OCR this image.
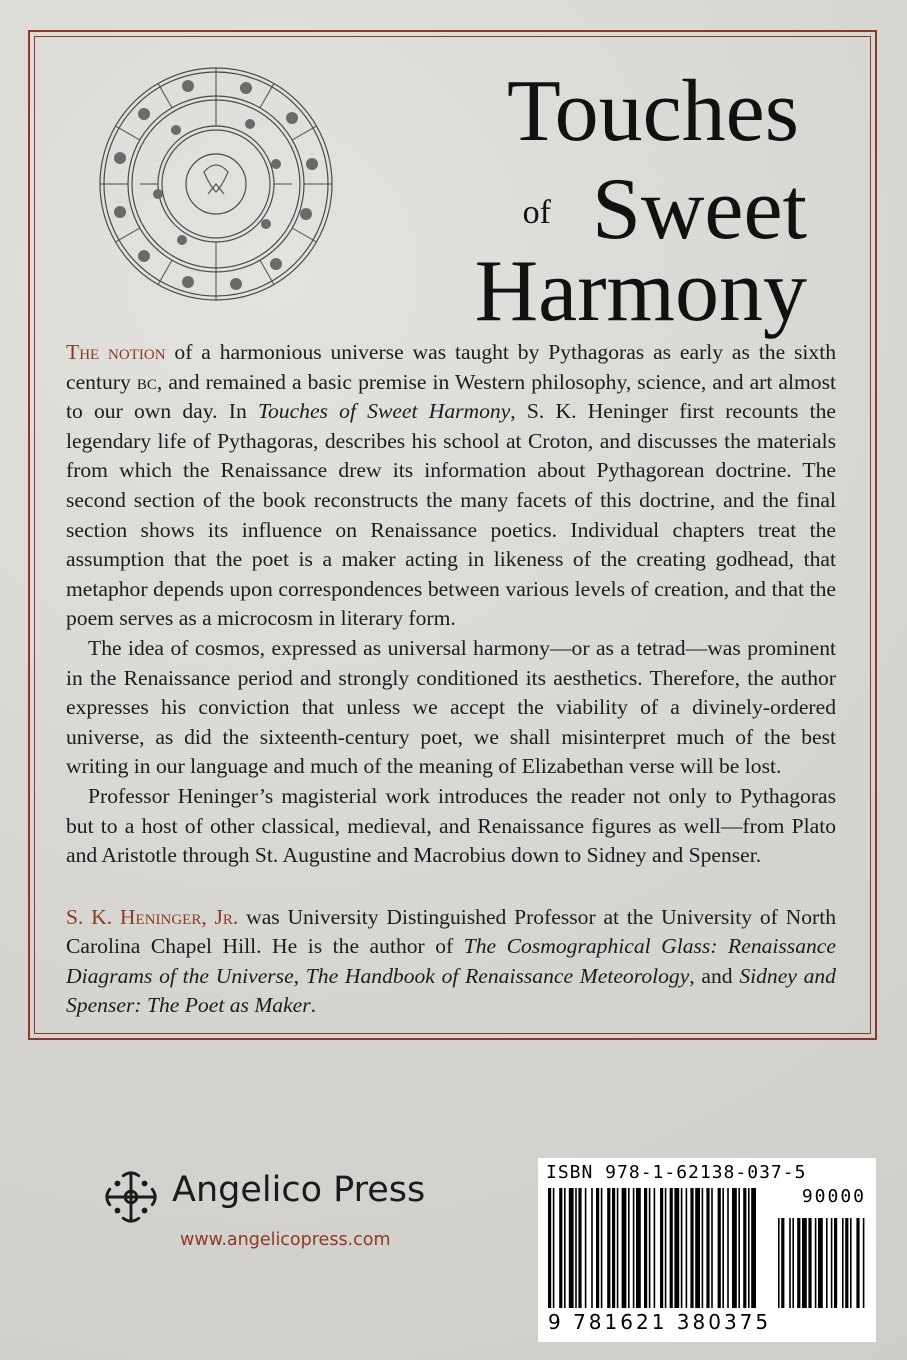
Touches
Sweet
of
Harmony

The notion of a harmonious universe was taught by Pythagoras as early as the sixth century bc, and remained a basic premise in Western philosophy, science, and art almost to our own day. In Touches of Sweet Harmony, S. K. Heninger first recounts the legendary life of Pythagoras, describes his school at Croton, and discusses the materials from which the Renaissance drew its information about Pythagorean doctrine. The second section of the book reconstructs the many facets of this doctrine, and the final section shows its influence on Renaissance poetics. Individual chapters treat the assumption that the poet is a maker acting in likeness of the creating godhead, that metaphor depends upon correspondences between various levels of creation, and that the poem serves as a microcosm in literary form.

The idea of cosmos, expressed as universal harmony—or as a tetrad—was prominent in the Renaissance period and strongly conditioned its aesthetics. Therefore, the author expresses his conviction that unless we accept the viability of a divinely-ordered universe, as did the sixteenth-century poet, we shall misinterpret much of the best writing in our language and much of the meaning of Elizabethan verse will be lost.

Professor Heninger’s magisterial work introduces the reader not only to Pythagoras but to a host of other classical, medieval, and Renaissance figures as well—from Plato and Aristotle through St. Augustine and Macrobius down to Sidney and Spenser.

S. K. Heninger, Jr. was University Distinguished Professor at the University of North Carolina Chapel Hill. He is the author of The Cosmographical Glass: Renaissance Diagrams of the Universe, The Handbook of Renaissance Meteorology, and Sidney and Spenser: The Poet as Maker.

Angelico Press
www.angelicopress.com
ISBN 978-1-62138-037-5
90000
9 781621 380375
